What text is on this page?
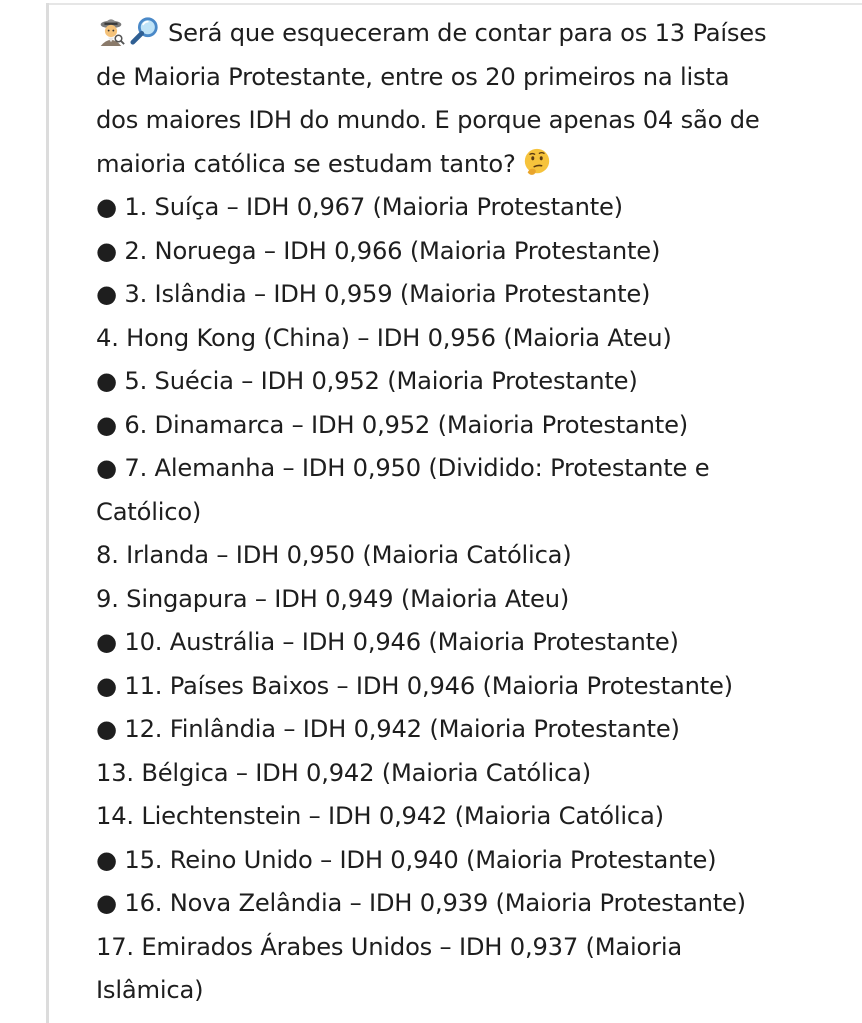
Será que esqueceram de contar para os 13 Países
de Maioria Protestante, entre os 20 primeiros na lista
dos maiores IDH do mundo. E porque apenas 04 são de
maioria católica se estudam tanto?
● 1. Suíça – IDH 0,967 (Maioria Protestante)
● 2. Noruega – IDH 0,966 (Maioria Protestante)
● 3. Islândia – IDH 0,959 (Maioria Protestante)
4. Hong Kong (China) – IDH 0,956 (Maioria Ateu)
● 5. Suécia – IDH 0,952 (Maioria Protestante)
● 6. Dinamarca – IDH 0,952 (Maioria Protestante)
● 7. Alemanha – IDH 0,950 (Dividido: Protestante e
Católico)
8. Irlanda – IDH 0,950 (Maioria Católica)
9. Singapura – IDH 0,949 (Maioria Ateu)
● 10. Austrália – IDH 0,946 (Maioria Protestante)
● 11. Países Baixos – IDH 0,946 (Maioria Protestante)
● 12. Finlândia – IDH 0,942 (Maioria Protestante)
13. Bélgica – IDH 0,942 (Maioria Católica)
14. Liechtenstein – IDH 0,942 (Maioria Católica)
● 15. Reino Unido – IDH 0,940 (Maioria Protestante)
● 16. Nova Zelândia – IDH 0,939 (Maioria Protestante)
17. Emirados Árabes Unidos – IDH 0,937 (Maioria
Islâmica)
